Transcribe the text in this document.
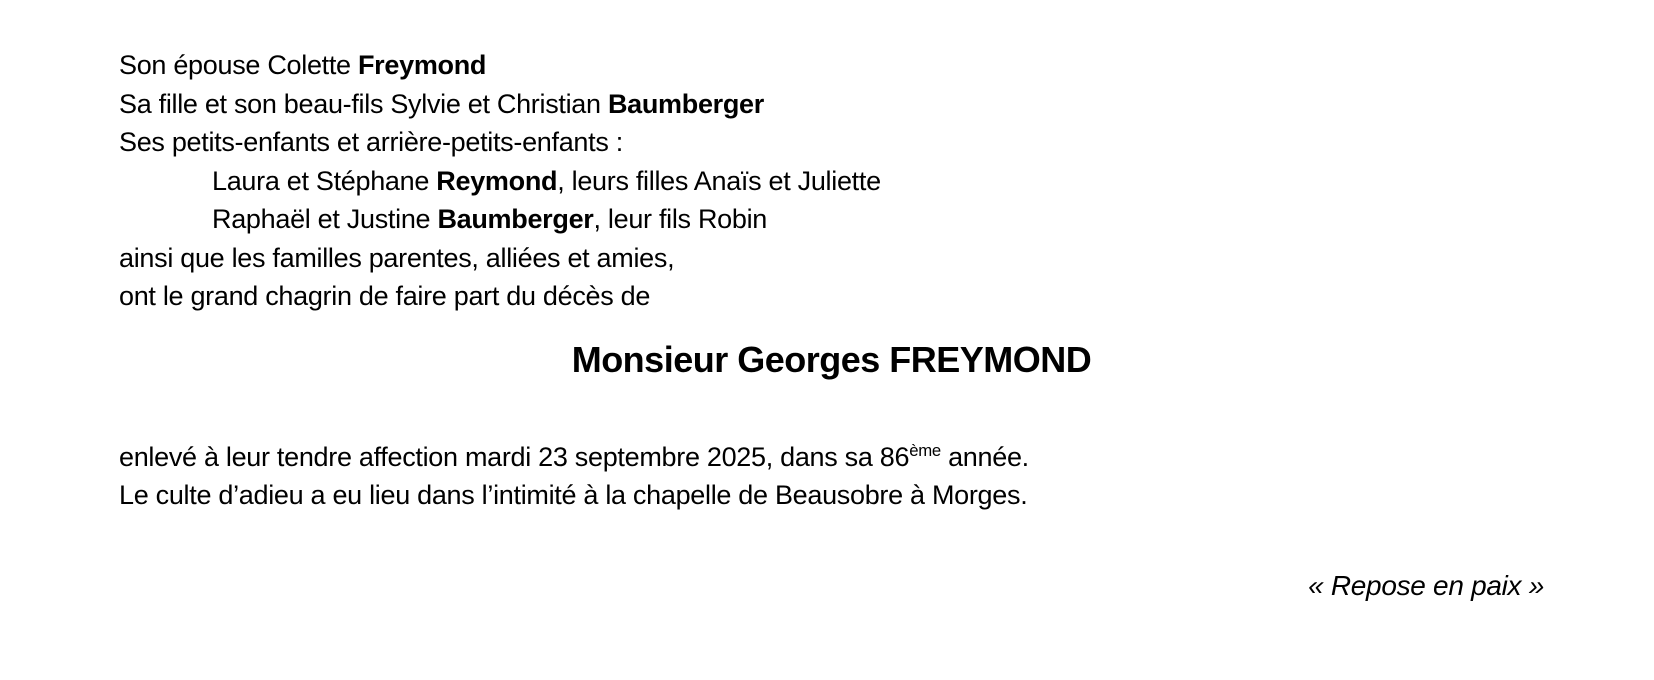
Son épouse Colette Freymond
Sa fille et son beau-fils Sylvie et Christian Baumberger
Ses petits-enfants et arrière-petits-enfants :
Laura et Stéphane Reymond, leurs filles Anaïs et Juliette
Raphaël et Justine Baumberger, leur fils Robin
ainsi que les familles parentes, alliées et amies,
ont le grand chagrin de faire part du décès de
Monsieur Georges FREYMOND
enlevé à leur tendre affection mardi 23 septembre 2025, dans sa 86ème année.
Le culte d’adieu a eu lieu dans l’intimité à la chapelle de Beausobre à Morges.
« Repose en paix »
